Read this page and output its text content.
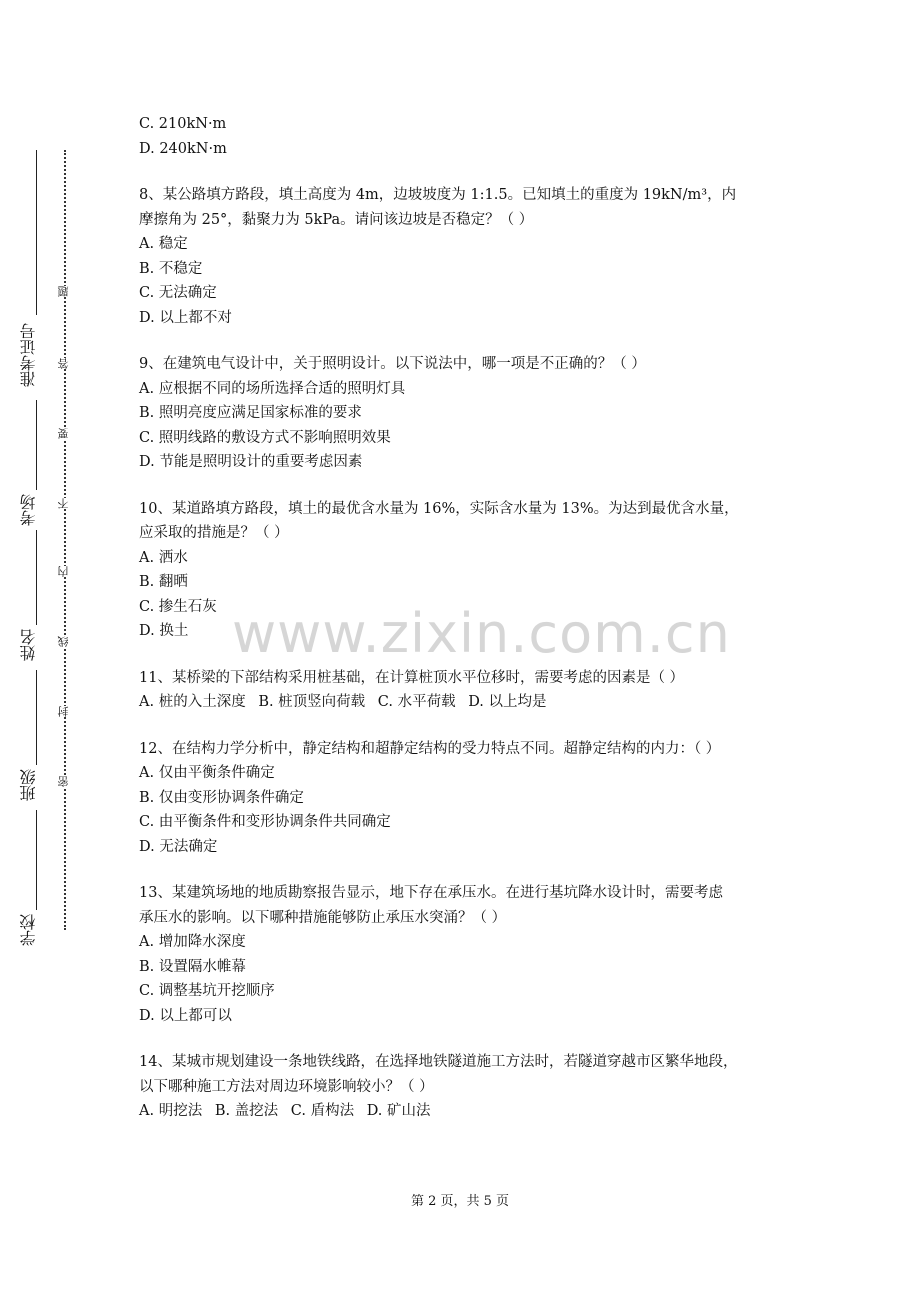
准考证号
考场
姓名
班级
学校
题
答
要
不
内
线
封
密
www.zixin.com.cn
C. 210kN·m
D. 240kN·m
8、某公路填方路段，填土高度为 4m，边坡坡度为 1:1.5。已知填土的重度为 19kN/m³，内
摩擦角为 25°，黏聚力为 5kPa。请问该边坡是否稳定？（ ）
A. 稳定
B. 不稳定
C. 无法确定
D. 以上都不对
9、在建筑电气设计中，关于照明设计。以下说法中，哪一项是不正确的？（ ）
A. 应根据不同的场所选择合适的照明灯具
B. 照明亮度应满足国家标准的要求
C. 照明线路的敷设方式不影响照明效果
D. 节能是照明设计的重要考虑因素
10、某道路填方路段，填土的最优含水量为 16%，实际含水量为 13%。为达到最优含水量，
应采取的措施是？（ ）
A. 洒水
B. 翻晒
C. 掺生石灰
D. 换土
11、某桥梁的下部结构采用桩基础，在计算桩顶水平位移时，需要考虑的因素是（ ）
A. 桩的入土深度 B. 桩顶竖向荷载 C. 水平荷载 D. 以上均是
12、在结构力学分析中，静定结构和超静定结构的受力特点不同。超静定结构的内力：（ ）
A. 仅由平衡条件确定
B. 仅由变形协调条件确定
C. 由平衡条件和变形协调条件共同确定
D. 无法确定
13、某建筑场地的地质勘察报告显示，地下存在承压水。在进行基坑降水设计时，需要考虑
承压水的影响。以下哪种措施能够防止承压水突涌？（ ）
A. 增加降水深度
B. 设置隔水帷幕
C. 调整基坑开挖顺序
D. 以上都可以
14、某城市规划建设一条地铁线路，在选择地铁隧道施工方法时，若隧道穿越市区繁华地段，
以下哪种施工方法对周边环境影响较小？（ ）
A. 明挖法 B. 盖挖法 C. 盾构法 D. 矿山法
第 2 页，共 5 页
